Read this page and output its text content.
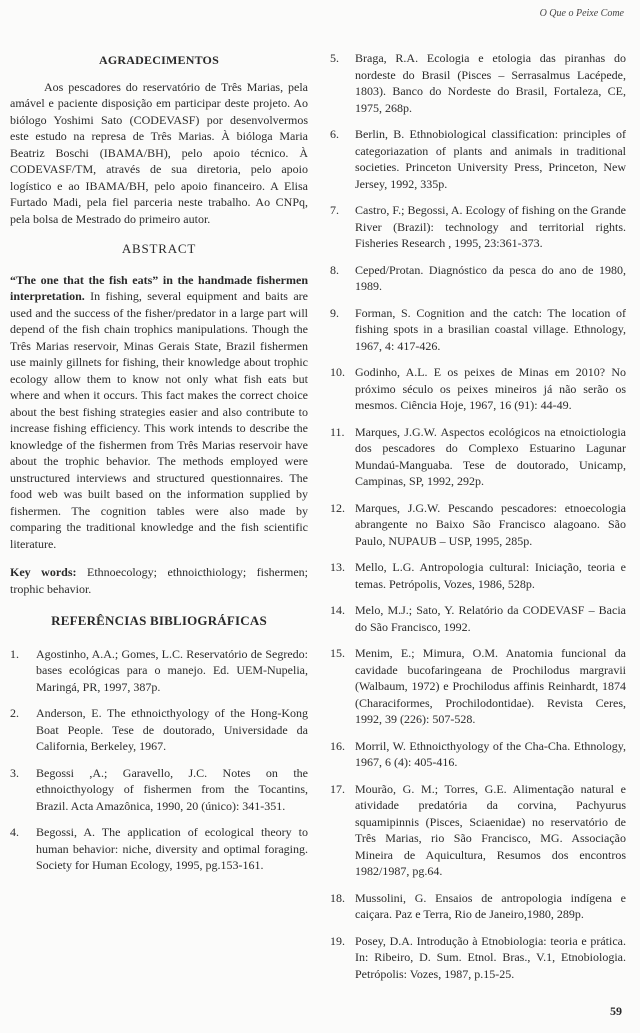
O Que o Peixe Come
AGRADECIMENTOS

Aos pescadores do reservatório de Três Marias, pela amável e paciente disposição em participar deste projeto. Ao biólogo Yoshimi Sato (CODEVASF) por desenvolvermos este estudo na represa de Três Marias. À bióloga Maria Beatriz Boschi (IBAMA/BH), pelo apoio técnico. À CODEVASF/TM, através de sua diretoria, pelo apoio logístico e ao IBAMA/BH, pelo apoio financeiro. A Elisa Furtado Madi, pela fiel parceria neste trabalho. Ao CNPq, pela bolsa de Mestrado do primeiro autor.

ABSTRACT

“The one that the fish eats” in the handmade fishermen interpretation. In fishing, several equipment and baits are used and the success of the fisher/predator in a large part will depend of the fish chain trophics manipulations. Though the Três Marias reservoir, Minas Gerais State, Brazil fishermen use mainly gillnets for fishing, their knowledge about trophic ecology allow them to know not only what fish eats but where and when it occurs. This fact makes the correct choice about the best fishing strategies easier and also contribute to increase fishing efficiency. This work intends to describe the knowledge of the fishermen from Três Marias reservoir have about the trophic behavior. The methods employed were unstructured interviews and structured questionnaires. The food web was built based on the information supplied by fishermen. The cognition tables were also made by comparing the traditional knowledge and the fish scientific literature.

Key words: Ethnoecology; ethnoicthiology; fishermen; trophic behavior.

REFERÊNCIAS BIBLIOGRÁFICAS
1.	Agostinho, A.A.; Gomes, L.C. Reservatório de Segredo: bases ecológicas para o manejo. Ed. UEM-Nupelia, Maringá, PR, 1997, 387p.
2.	Anderson, E. The ethnoicthyology of the Hong-Kong Boat People. Tese de doutorado, Universidade da California, Berkeley, 1967.
3.	Begossi ,A.; Garavello, J.C. Notes on the ethnoicthyology of fishermen from the Tocantins, Brazil. Acta Amazônica, 1990, 20 (único): 341-351.
4.	Begossi, A. The application of ecological theory to human behavior: niche, diversity and optimal foraging. Society for Human Ecology, 1995, pg.153-161.
5.	Braga, R.A. Ecologia e etologia das piranhas do nordeste do Brasil (Pisces – Serrasalmus Lacépede, 1803). Banco do Nordeste do Brasil, Fortaleza, CE, 1975, 268p.
6.	Berlin, B. Ethnobiological classification: principles of categoriazation of plants and animals in traditional societies. Princeton University Press, Princeton, New Jersey, 1992, 335p.
7.	Castro, F.; Begossi, A. Ecology of fishing on the Grande River (Brazil): technology and territorial rights. Fisheries Research , 1995, 23:361-373.
8.	Ceped/Protan. Diagnóstico da pesca do ano de 1980, 1989.
9.	Forman, S. Cognition and the catch: The location of fishing spots in a brasilian coastal village. Ethnology, 1967, 4: 417-426.
10. Godinho, A.L. E os peixes de Minas em 2010? No próximo século os peixes mineiros já não serão os mesmos. Ciência Hoje, 1967, 16 (91): 44-49.
11. Marques, J.G.W. Aspectos ecológicos na etnoictiologia dos pescadores do Complexo Estuarino Lagunar Mundaú-Manguaba. Tese de doutorado, Unicamp, Campinas, SP, 1992, 292p.
12. Marques, J.G.W. Pescando pescadores: etnoecologia abrangente no Baixo São Francisco alagoano. São Paulo, NUPAUB – USP, 1995, 285p.
13. Mello, L.G. Antropologia cultural: Iniciação, teoria e temas. Petrópolis, Vozes, 1986, 528p.
14. Melo, M.J.; Sato, Y. Relatório da CODEVASF – Bacia do São Francisco, 1992.
15. Menim, E.; Mimura, O.M. Anatomia funcional da cavidade bucofaringeana de Prochilodus margravii (Walbaum, 1972) e Prochilodus affinis Reinhardt, 1874 (Characiformes, Prochilodontidae). Revista Ceres, 1992, 39 (226): 507-528.
16. Morril, W. Ethnoicthyology of the Cha-Cha. Ethnology, 1967, 6 (4): 405-416.
17. Mourão, G. M.; Torres, G.E. Alimentação natural e atividade predatória da corvina, Pachyurus squamipinnis (Pisces, Sciaenidae) no reservatório de Três Marias, rio São Francisco, MG. Associação Mineira de Aquicultura, Resumos dos encontros 1982/1987, pg.64.
18. Mussolini, G. Ensaios de antropologia indígena e caiçara. Paz e Terra, Rio de Janeiro,1980, 289p.
19. Posey, D.A. Introdução à Etnobiologia: teoria e prática. In: Ribeiro, D. Sum. Etnol. Bras., V.1, Etnobiologia. Petrópolis: Vozes, 1987, p.15-25.
59
